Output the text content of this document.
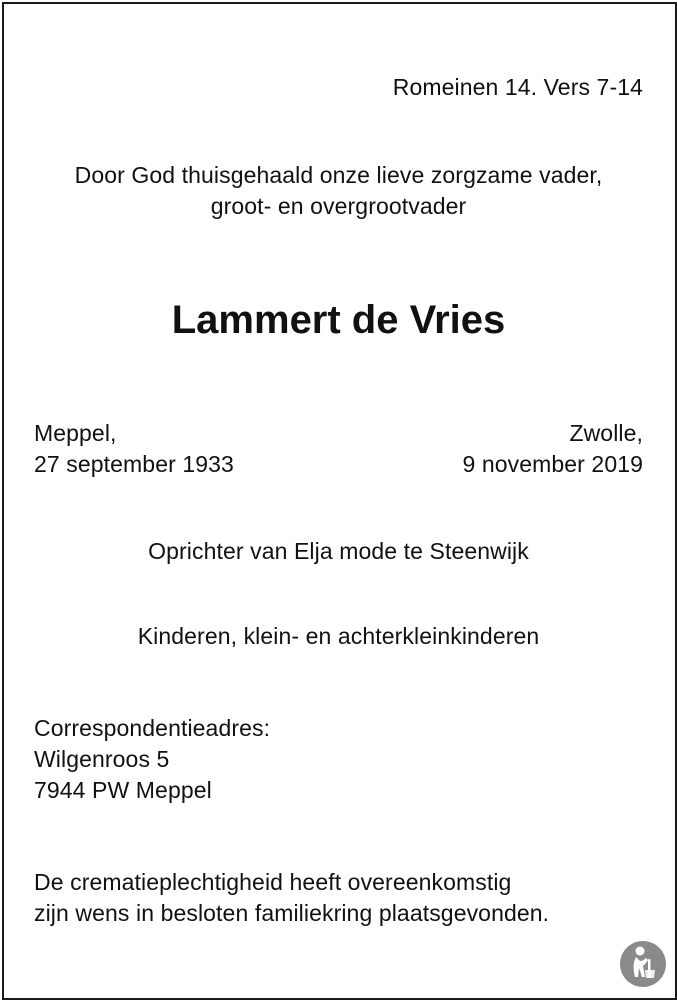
Romeinen 14. Vers 7-14
Door God thuisgehaald onze lieve zorgzame vader,
groot- en overgrootvader
Lammert de Vries
Meppel,
27 september 1933
Zwolle,
9 november 2019
Oprichter van Elja mode te Steenwijk
Kinderen, klein- en achterkleinkinderen
Correspondentieadres:
Wilgenroos 5
7944 PW Meppel
De crematieplechtigheid heeft overeenkomstig
zijn wens in besloten familiekring plaatsgevonden.
